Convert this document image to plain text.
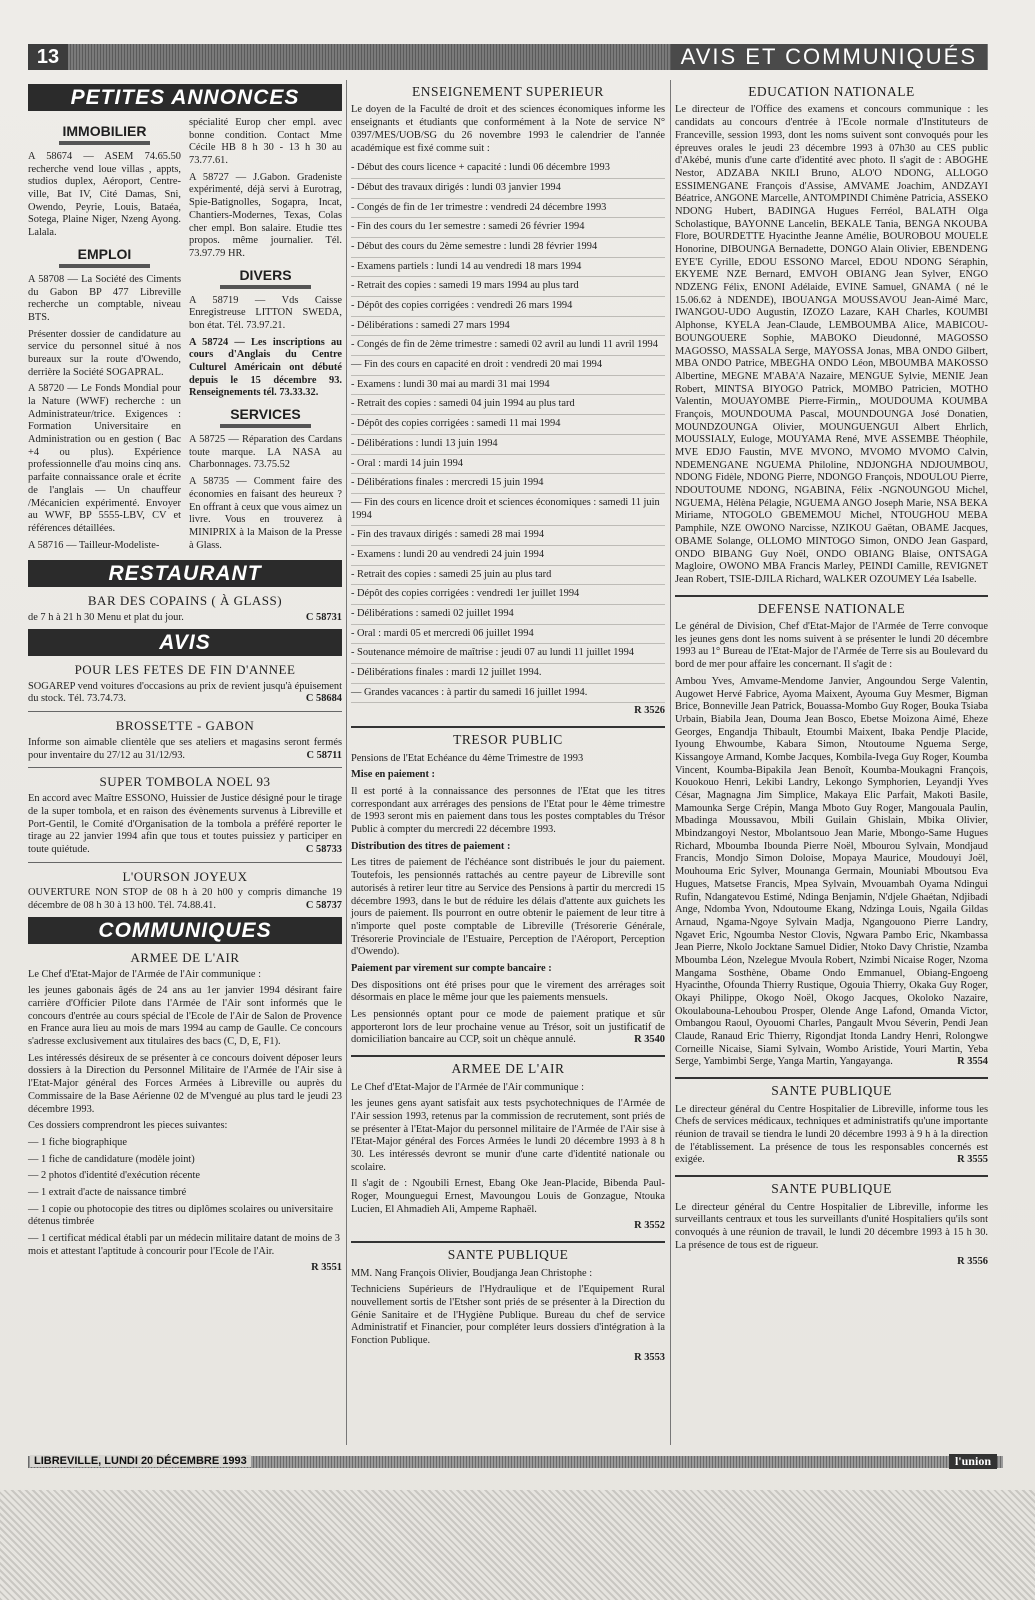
13	AVIS ET COMMUNIQUÉS
PETITES ANNONCES
IMMOBILIER

A 58674 — ASEM 74.65.50 recherche vend loue villas , appts, studios duplex, Aéroport, Centre-ville, Bat IV, Cité Damas, Sni, Owendo, Peyrie, Louis, Bataéa, Sotega, Plaine Niger, Nzeng Ayong. Lalala.

EMPLOI

A 58708 — La Société des Ciments du Gabon BP 477 Libreville recherche un comptable, niveau BTS.

Présenter dossier de candidature au service du personnel situé à nos bureaux sur la route d'Owendo, derrière la Société SOGAPRAL.

A 58720 — Le Fonds Mondial pour la Nature (WWF) recherche : un Administrateur/trice. Exigences : Formation Universitaire en Administration ou en gestion ( Bac +4 ou plus). Expérience professionnelle d'au moins cinq ans. parfaite connaissance orale et écrite de l'anglais — Un chauffeur /Mécanicien expérimenté. Envoyer au WWF, BP 5555-LBV, CV et références détaillées.

A 58716 — Tailleur-Modeliste-

spécialité Europ cher empl. avec bonne condition. Contact Mme Cécile HB 8 h 30 - 13 h 30 au 73.77.61.

A 58727 — J.Gabon. Gradeniste expérimenté, déjà servi à Eurotrag, Spie-Batignolles, Sogapra, Incat, Chantiers-Modernes, Texas, Colas cher empl. Bon salaire. Etudie ttes propos. même journalier. Tél. 73.97.79 HR.

DIVERS

A 58719 — Vds Caisse Enregistreuse LITTON SWEDA, bon état. Tél. 73.97.21.

A 58724 — Les inscriptions au cours d'Anglais du Centre Culturel Américain ont débuté depuis le 15 décembre 93. Renseignements tél. 73.33.32.

SERVICES

A 58725 — Réparation des Cardans toute marque. LA NASA au Charbonnages. 73.75.52

A 58735 — Comment faire des économies en faisant des heureux ? En offrant à ceux que vous aimez un livre. Vous en trouverez à MINIPRIX à la Maison de la Presse à Glass.

RESTAURANT
BAR DES COPAINS ( À GLASS)

de 7 h à 21 h 30 Menu et plat du jour.	C 58731

AVIS
POUR LES FETES DE FIN D'ANNEE

SOGAREP vend voitures d'occasions au prix de revient jusqu'à épuisement du stock. Tél. 73.74.73.	C 58684

BROSSETTE - GABON

Informe son aimable clientèle que ses ateliers et magasins seront fermés pour inventaire du 27/12 au 31/12/93.	C 58711

SUPER TOMBOLA NOEL 93

En accord avec Maître ESSONO, Huissier de Justice désigné pour le tirage de la super tombola, et en raison des évènements survenus à Libreville et Port-Gentil, le Comité d'Organisation de la tombola a préféré reporter le tirage au 22 janvier 1994 afin que tous et toutes puissiez y participer en toute quiétude.	C 58733

L'OURSON JOYEUX

OUVERTURE NON STOP de 08 h à 20 h00 y compris dimanche 19 décembre de 08 h 30 à 13 h00. Tél. 74.88.41.	C 58737

COMMUNIQUES
ARMEE DE L'AIR

Le Chef d'Etat-Major de l'Armée de l'Air communique :

les jeunes gabonais âgés de 24 ans au 1er janvier 1994 désirant faire carrière d'Officier Pilote dans l'Armée de l'Air sont informés que le concours d'entrée au cours spécial de l'Ecole de l'Air de Salon de Provence en France aura lieu au mois de mars 1994 au camp de Gaulle. Ce concours s'adresse exclusivement aux titulaires des bacs (C, D, E, F1).

Les intéressés désireux de se présenter à ce concours doivent déposer leurs dossiers à la Direction du Personnel Militaire de l'Armée de l'Air sise à l'Etat-Major général des Forces Armées à Libreville ou auprès du Commissaire de la Base Aérienne 02 de M'vengué au plus tard le jeudi 23 décembre 1993.

Ces dossiers comprendront les pieces suivantes:

— 1 fiche biographique
— 1 fiche de candidature (modèle joint)
— 2 photos d'identité d'exécution récente
— 1 extrait d'acte de naissance timbré
— 1 copie ou photocopie des titres ou diplômes scolaires ou universitaire détenus timbrée
— 1 certificat médical établi par un médecin militaire datant de moins de 3 mois et attestant l'aptitude à concourir pour l'Ecole de l'Air.
R 3551
ENSEIGNEMENT SUPERIEUR

Le doyen de la Faculté de droit et des sciences économiques informe les enseignants et étudiants que conformément à la Note de service N° 0397/MES/UOB/SG du 26 novembre 1993 le calendrier de l'année académique est fixé comme suit :

- Début des cours licence + capacité : lundi 06 décembre 1993
- Début des travaux dirigés : lundi 03 janvier 1994
- Congés de fin de 1er trimestre : vendredi 24 décembre 1993
- Fin des cours du 1er semestre : samedi 26 février 1994
- Début des cours du 2ème semestre : lundi 28 février 1994
- Examens partiels : lundi 14 au vendredi 18 mars 1994
- Retrait des copies : samedi 19 mars 1994 au plus tard
- Dépôt des copies corrigées : vendredi 26 mars 1994
- Délibérations : samedi 27 mars 1994
- Congés de fin de 2ème trimestre : samedi 02 avril au lundi 11 avril 1994
— Fin des cours en capacité en droit : vendredi 20 mai 1994
- Examens : lundi 30 mai au mardi 31 mai 1994
- Retrait des copies : samedi 04 juin 1994 au plus tard
- Dépôt des copies corrigées : samedi 11 mai 1994
- Délibérations : lundi 13 juin 1994
- Oral : mardi 14 juin 1994
- Délibérations finales : mercredi 15 juin 1994
— Fin des cours en licence droit et sciences économiques : samedi 11 juin 1994
- Fin des travaux dirigés : samedi 28 mai 1994
- Examens : lundi 20 au vendredi 24 juin 1994
- Retrait des copies : samedi 25 juin au plus tard
- Dépôt des copies corrigées : vendredi 1er juillet 1994
- Délibérations : samedi 02 juillet 1994
- Oral : mardi 05 et mercredi 06 juillet 1994
- Soutenance mémoire de maîtrise : jeudi 07 au lundi 11 juillet 1994
- Délibérations finales : mardi 12 juillet 1994.
— Grandes vacances : à partir du samedi 16 juillet 1994.
R 3526
TRESOR PUBLIC

Pensions de l'Etat Echéance du 4ème Trimestre de 1993

Mise en paiement :

Il est porté à la connaissance des personnes de l'Etat que les titres correspondant aux arrérages des pensions de l'Etat pour le 4ème trimestre de 1993 seront mis en paiement dans tous les postes comptables du Trésor Public à compter du mercredi 22 décembre 1993.

Distribution des titres de paiement :

Les titres de paiement de l'échéance sont distribués le jour du paiement. Toutefois, les pensionnés rattachés au centre payeur de Libreville sont autorisés à retirer leur titre au Service des Pensions à partir du mercredi 15 décembre 1993, dans le but de réduire les délais d'attente aux guichets les jours de paiement. Ils pourront en outre obtenir le paiement de leur titre à n'importe quel poste comptable de Libreville (Trésorerie Générale, Trésorerie Provinciale de l'Estuaire, Perception de l'Aéroport, Perception d'Owendo).

Paiement par virement sur compte bancaire :

Des dispositions ont été prises pour que le virement des arrérages soit désormais en place le même jour que les paiements mensuels.

Les pensionnés optant pour ce mode de paiement pratique et sûr apporteront lors de leur prochaine venue au Trésor, soit un justificatif de domiciliation bancaire au CCP, soit un chèque annulé.	R 3540

ARMEE DE L'AIR

Le Chef d'Etat-Major de l'Armée de l'Air communique :

les jeunes gens ayant satisfait aux tests psychotechniques de l'Armée de l'Air session 1993, retenus par la commission de recrutement, sont priés de se présenter à l'Etat-Major du personnel militaire de l'Armée de l'Air sise à l'Etat-Major général des Forces Armées le lundi 20 décembre 1993 à 8 h 30. Les intéressés devront se munir d'une carte d'identité nationale ou scolaire.

Il s'agit de : Ngoubili Ernest, Ebang Oke Jean-Placide, Bibenda Paul-Roger, Mounguegui Ernest, Mavoungou Louis de Gonzague, Ntouka Lucien, El Ahmadieh Ali, Ampeme Raphaël.

R 3552
SANTE PUBLIQUE

MM. Nang François Olivier, Boudjanga Jean Christophe :

Techniciens Supérieurs de l'Hydraulique et de l'Equipement Rural nouvellement sortis de l'Etsher sont priés de se présenter à la Direction du Génie Sanitaire et de l'Hygiène Publique. Bureau du chef de service Administratif et Financier, pour compléter leurs dossiers d'intégration à la Fonction Publique.

R 3553
EDUCATION NATIONALE

Le directeur de l'Office des examens et concours communique : les candidats au concours d'entrée à l'Ecole normale d'Instituteurs de Franceville, session 1993, dont les noms suivent sont convoqués pour les épreuves orales le jeudi 23 décembre 1993 à 07h30 au CES public d'Akébé, munis d'une carte d'identité avec photo. Il s'agit de : ABOGHE Nestor, ADZABA NKILI Bruno, ALO'O NDONG, ALLOGO ESSIMENGANE François d'Assise, AMVAME Joachim, ANDZAYI Béatrice, ANGONE Marcelle, ANTOMPINDI Chimène Patricia, ASSEKO NDONG Hubert, BADINGA Hugues Ferréol, BALATH Olga Scholastique, BAYONNE Lancelin, BEKALE Tania, BENGA NKOUBA Flore, BOURDETTE Hyacinthe Jeanne Amélie, BOUROBOU MOUELE Honorine, DIBOUNGA Bernadette, DONGO Alain Olivier, EBENDENG EYE'E Cyrille, EDOU ESSONO Marcel, EDOU NDONG Séraphin, EKYEME NZE Bernard, EMVOH OBIANG Jean Sylver, ENGO NDZENG Félix, ENONI Adélaide, EVINE Samuel, GNAMA ( né le 15.06.62 à NDENDE), IBOUANGA MOUSSAVOU Jean-Aimé Marc, IWANGOU-UDO Augustin, IZOZO Lazare, KAH Charles, KOUMBI Alphonse, KYELA Jean-Claude, LEMBOUMBA Alice, MABICOU-BOUNGOUERE Sophie, MABOKO Dieudonné, MAGOSSO MAGOSSO, MASSALA Serge, MAYOSSA Jonas, MBA ONDO Gilbert, MBA ONDO Patrice, MBEGHA ONDO Léon, MBOUMBA MAKOSSO Albertine, MEGNE M'ABA'A Nazaire, MENGUE Sylvie, MENIE Jean Robert, MINTSA BIYOGO Patrick, MOMBO Patricien, MOTHO Valentin, MOUAYOMBE Pierre-Firmin,, MOUDOUMA KOUMBA François, MOUNDOUMA Pascal, MOUNDOUNGA José Donatien, MOUNDZOUNGA Olivier, MOUNGUENGUI Albert Ehrlich, MOUSSIALY, Euloge, MOUYAMA René, MVE ASSEMBE Théophile, MVE EDJO Faustin, MVE MVONO, MVOMO MVOMO Calvin, NDEMENGANE NGUEMA Philoline, NDJONGHA NDJOUMBOU, NDONG Fidèle, NDONG Pierre, NDONGO François, NDOULOU Pierre, NDOUTOUME NDONG, NGABINA, Félix -NGNOUNGOU Michel, NGUEMA, Hélèna Pélagie, NGUEMA ANGO Joseph Marie, NSA BEKA Miriame, NTOGOLO GBEMEMOU Michel, NTOUGHOU MEBA Pamphile, NZE OWONO Narcisse, NZIKOU Gaëtan, OBAME Jacques, OBAME Solange, OLLOMO MINTOGO Simon, ONDO Jean Gaspard, ONDO BIBANG Guy Noël, ONDO OBIANG Blaise, ONTSAGA Magloire, OWONO MBA Francis Marley, PEINDI Camille, REVIGNET Jean Robert, TSIE-DJILA Richard, WALKER OZOUMEY Léa Isabelle.

DEFENSE NATIONALE

Le général de Division, Chef d'Etat-Major de l'Armée de Terre convoque les jeunes gens dont les noms suivent à se présenter le lundi 20 décembre 1993 au 1° Bureau de l'Etat-Major de l'Armée de Terre sis au Boulevard du bord de mer pour affaire les concernant. Il s'agit de :

Ambou Yves, Amvame-Mendome Janvier, Angoundou Serge Valentin, Augowet Hervé Fabrice, Ayoma Maixent, Ayouma Guy Mesmer, Bigman Brice, Bonneville Jean Patrick, Bouassa-Mombo Guy Roger, Bouka Tsiaba Urbain, Biabila Jean, Douma Jean Bosco, Ebetse Moizona Aimé, Eheze Georges, Engandja Thibault, Etoumbi Maixent, Ibaka Pendje Placide, Iyoung Ehwoumbe, Kabara Simon, Ntoutoume Nguema Serge, Kissangoye Armand, Kombe Jacques, Kombila-Ivega Guy Roger, Koumba Vincent, Koumba-Bipakila Jean Benoît, Koumba-Moukagni François, Kouokouo Henri, Lekibi Landry, Lekongo Symphorien, Leyandji Yves César, Magnagna Jim Simplice, Makaya Elic Parfait, Makoti Basile, Mamounka Serge Crépin, Manga Mboto Guy Roger, Mangouala Paulin, Mbadinga Moussavou, Mbili Guilain Ghislain, Mbika Olivier, Mbindzangoyi Nestor, Mbolantsouo Jean Marie, Mbongo-Same Hugues Richard, Mboumba Ibounda Pierre Noël, Mbourou Sylvain, Mondjaud Francis, Mondjo Simon Doloise, Mopaya Maurice, Moudouyi Joël, Mouhouma Eric Sylver, Mounanga Germain, Mouniabi Mboutsou Eva Hugues, Matsetse Francis, Mpea Sylvain, Mvouambah Oyama Ndingui Rufin, Ndangatevou Estimé, Ndinga Benjamin, N'djele Ghaétan, Ndjibadi Ange, Ndomba Yvon, Ndoutoume Ekang, Ndzinga Louis, Ngaila Gildas Arnaud, Ngama-Ngoye Sylvain Madja, Ngangouono Pierre Landry, Ngavet Eric, Ngoumba Nestor Clovis, Ngwara Pambo Eric, Nkambassa Jean Pierre, Nkolo Jocktane Samuel Didier, Ntoko Davy Christie, Nzamba Mboumba Léon, Nzelegue Mvoula Robert, Nzimbi Nicaise Roger, Nzoma Mangama Sosthène, Obame Ondo Emmanuel, Obiang-Engoeng Hyacinthe, Ofounda Thierry Rustique, Ogouia Thierry, Okaka Guy Roger, Okayi Philippe, Okogo Noël, Okogo Jacques, Okoloko Nazaire, Okoulabouna-Lehoubou Prosper, Olende Ange Lafond, Omanda Victor, Ombangou Raoul, Oyouomi Charles, Pangault Mvou Séverin, Pendi Jean Claude, Ranaud Eric Thierry, Rigondjat Itonda Landry Henri, Rolongwe Corneille Nicaise, Siami Sylvain, Wombo Aristide, Youri Martin, Yeba Serge, Yambimbi Serge, Yanga Martin, Yangayanga.	R 3554

SANTE PUBLIQUE

Le directeur général du Centre Hospitalier de Libreville, informe tous les Chefs de services médicaux, techniques et administratifs qu'une importante réunion de travail se tiendra le lundi 20 décembre 1993 à 9 h à la direction de l'établissement. La présence de tous les responsables concernés est exigée.	R 3555

SANTE PUBLIQUE

Le directeur général du Centre Hospitalier de Libreville, informe les surveillants centraux et tous les surveillants d'unité Hospitaliers qu'ils sont convoqués à une réunion de travail, le lundi 20 décembre 1993 à 15 h 30. La présence de tous est de rigueur.

R 3556
LIBREVILLE, LUNDI 20 DÉCEMBRE 1993	l'union
